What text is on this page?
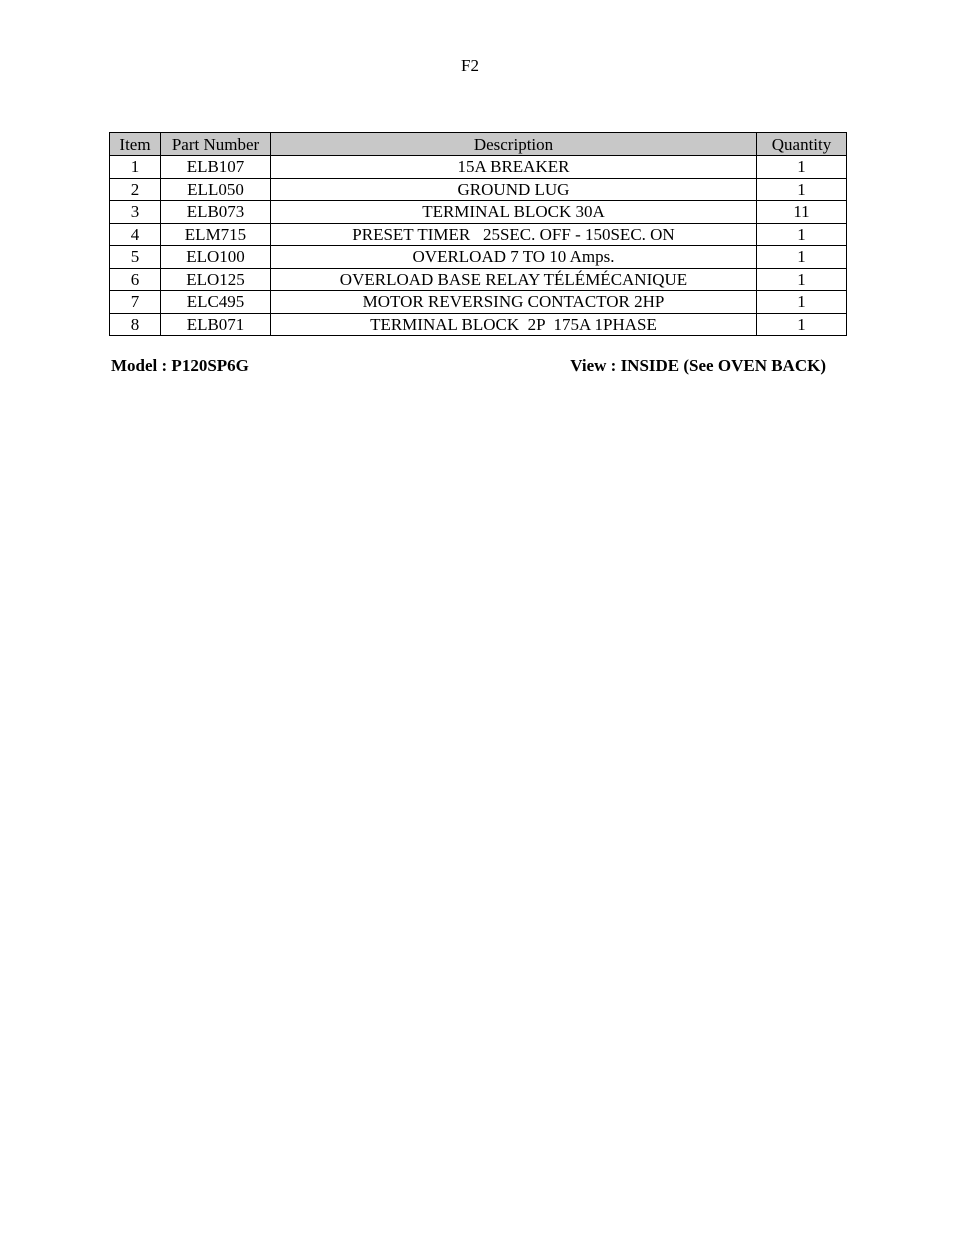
F2
Item	Part Number	Description	Quantity
1	ELB107	15A BREAKER	1
2	ELL050	GROUND LUG	1
3	ELB073	TERMINAL BLOCK 30A	11
4	ELM715	PRESET TIMER   25SEC. OFF - 150SEC. ON	1
5	ELO100	OVERLOAD 7 TO 10 Amps.	1
6	ELO125	OVERLOAD BASE RELAY TÉLÉMÉCANIQUE	1
7	ELC495	MOTOR REVERSING CONTACTOR 2HP	1
8	ELB071	TERMINAL BLOCK  2P  175A 1PHASE	1
Model : P120SP6G	View : INSIDE (See OVEN BACK)
